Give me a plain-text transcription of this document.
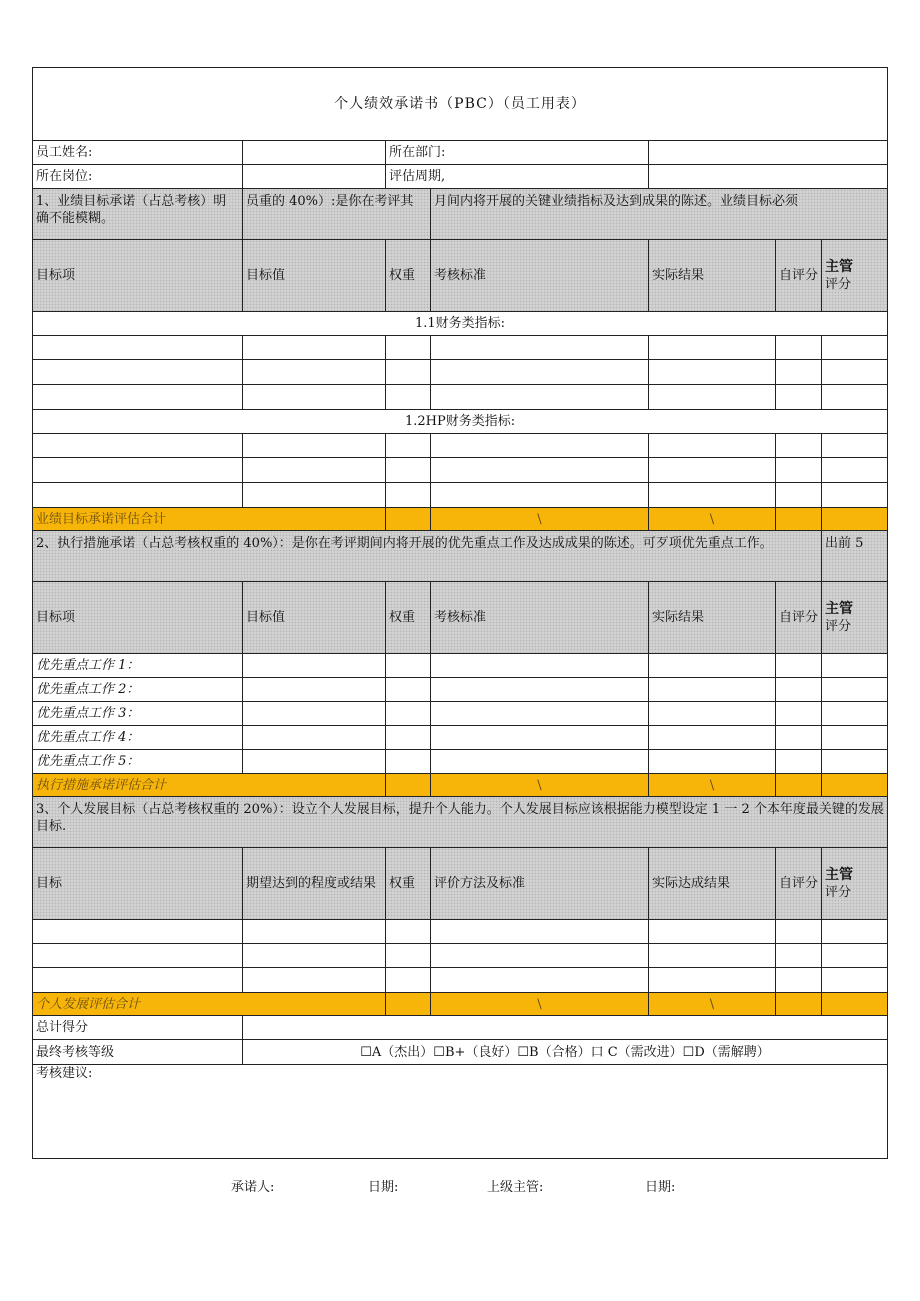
个人绩效承诺书（PBC）（员工用表）						
员工姓名:		所在部门:				
所在岗位:		评估周期,				
1、业绩目标承诺（占总考核）明确不能模糊。	员重的 40%）:是你在考评其		月间内将开展的关键业绩指标及达到成果的陈述。业绩目标必须			
目标项	目标值	权重	考核标准	实际结果	自评分	主管
评分
1.1财务类指标:						

1.2HP财务类指标:						

业绩目标承诺评估合计			\	\		
2、执行措施承诺（占总考核权重的 40%）：是你在考评期间内将开展的优先重点工作及达成成果的陈述。可歹项优先重点工作。						出前 5
目标项	目标值	权重	考核标准	实际结果	自评分	主管
评分
优先重点工作 1：						
优先重点工作 2：						
优先重点工作 3：						
优先重点工作 4：						
优先重点工作 5：						
执行措施承诺评估合计			\	\		
3、个人发展目标（占总考核权重的 20%）：设立个人发展目标，提升个人能力。个人发展目标应该根据能力模型设定 1 一 2 个本年度最关键的发展目标.						
目标	期望达到的程度或结果	权重	评价方法及标准	实际达成结果	自评分	主管
评分

个人发展评估合计			\	\		
总计得分						
最终考核等级	☐A（杰出）☐B+（良好）☐B（合格）口 C（需改进）☐D（需解聘）					
考核建议:						
承诺人:	日期:	上级主管:	日期:
